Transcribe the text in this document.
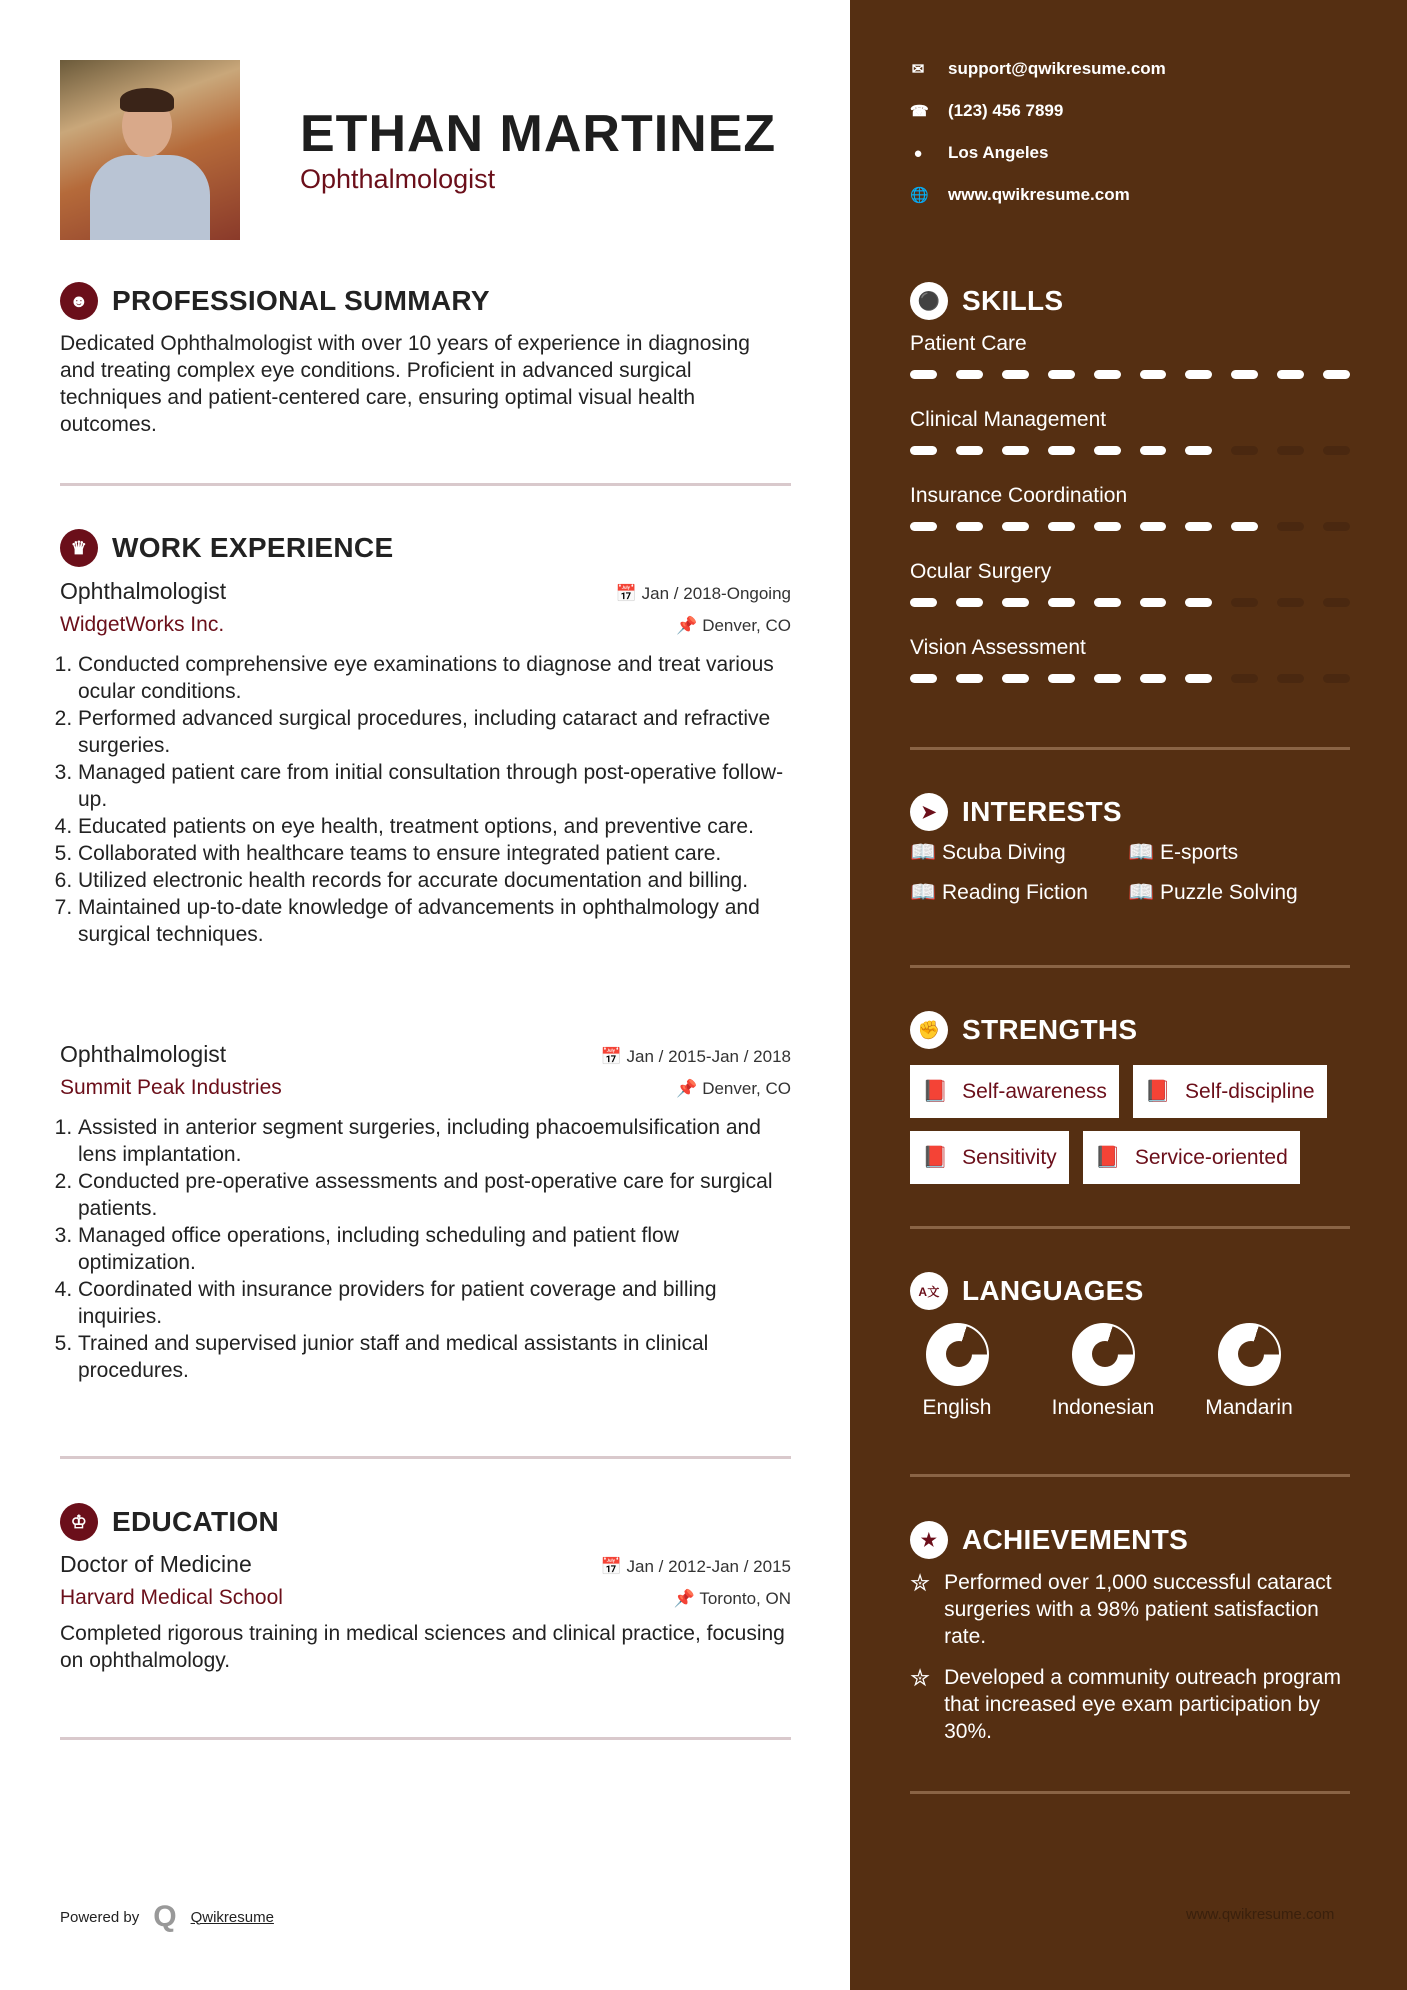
ETHAN MARTINEZ
Ophthalmologist
☻ PROFESSIONAL SUMMARY
Dedicated Ophthalmologist with over 10 years of experience in diagnosing and treating complex eye conditions. Proficient in advanced surgical techniques and patient-centered care, ensuring optimal visual health outcomes.
♛ WORK EXPERIENCE
Ophthalmologist	📅 Jan / 2018-Ongoing
WidgetWorks Inc.	📌 Denver, CO
1. Conducted comprehensive eye examinations to diagnose and treat various ocular conditions.
2. Performed advanced surgical procedures, including cataract and refractive surgeries.
3. Managed patient care from initial consultation through post-operative follow-up.
4. Educated patients on eye health, treatment options, and preventive care.
5. Collaborated with healthcare teams to ensure integrated patient care.
6. Utilized electronic health records for accurate documentation and billing.
7. Maintained up-to-date knowledge of advancements in ophthalmology and surgical techniques.
Ophthalmologist	📅 Jan / 2015-Jan / 2018
Summit Peak Industries	📌 Denver, CO
1. Assisted in anterior segment surgeries, including phacoemulsification and lens implantation.
2. Conducted pre-operative assessments and post-operative care for surgical patients.
3. Managed office operations, including scheduling and patient flow optimization.
4. Coordinated with insurance providers for patient coverage and billing inquiries.
5. Trained and supervised junior staff and medical assistants in clinical procedures.
♔ EDUCATION
Doctor of Medicine	📅 Jan / 2012-Jan / 2015
Harvard Medical School	📌 Toronto, ON
Completed rigorous training in medical sciences and clinical practice, focusing on ophthalmology.
Powered by Q Qwikresume
✉ support@qwikresume.com
☎ (123) 456 7899
● Los Angeles
🌐 www.qwikresume.com
⚫ SKILLS
Patient Care
Clinical Management
Insurance Coordination
Ocular Surgery
Vision Assessment
➤ INTERESTS
📖 Scuba Diving	📖 E-sports
📖 Reading Fiction	📖 Puzzle Solving
✊ STRENGTHS
📕 Self-awareness 📕 Self-discipline
📕 Sensitivity 📕 Service-oriented
A文 LANGUAGES
English	Indonesian Mandarin
★ ACHIEVEMENTS
✮ Performed over 1,000 successful cataract surgeries with a 98% patient satisfaction rate.
✮ Developed a community outreach program that increased eye exam participation by 30%.
www.qwikresume.com
